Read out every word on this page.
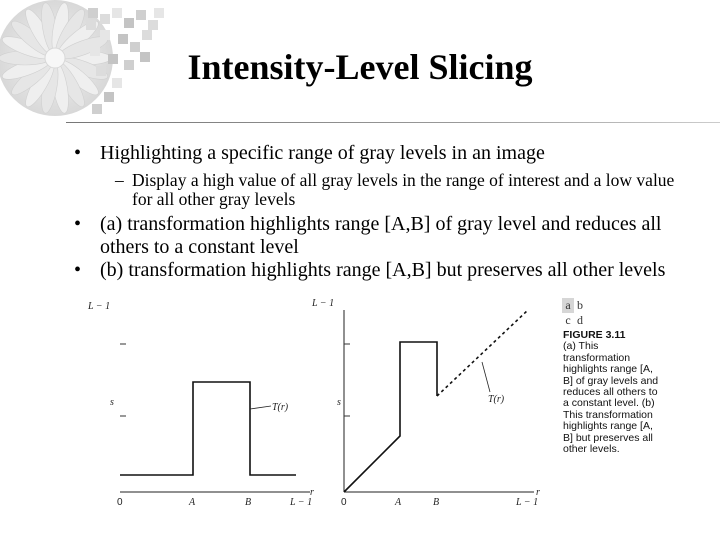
Intensity-Level Slicing
• Highlighting a specific range of gray levels in an image
– Display a high value of all gray levels in the range of interest and a low value for all other gray levels
• (a) transformation highlights range [A,B] of gray level and reduces all others to a constant level
• (b) transformation highlights range [A,B] but preserves all other levels
L − 1
s
r
T(r)
0	A	B	L − 1
L − 1
s
r
T(r)
0	A	B	L − 1
a	b
c	d
FIGURE 3.11
(a) This transformation highlights range [A, B] of gray levels and reduces all others to a constant level. (b) This transformation highlights range [A, B] but preserves all other levels.
